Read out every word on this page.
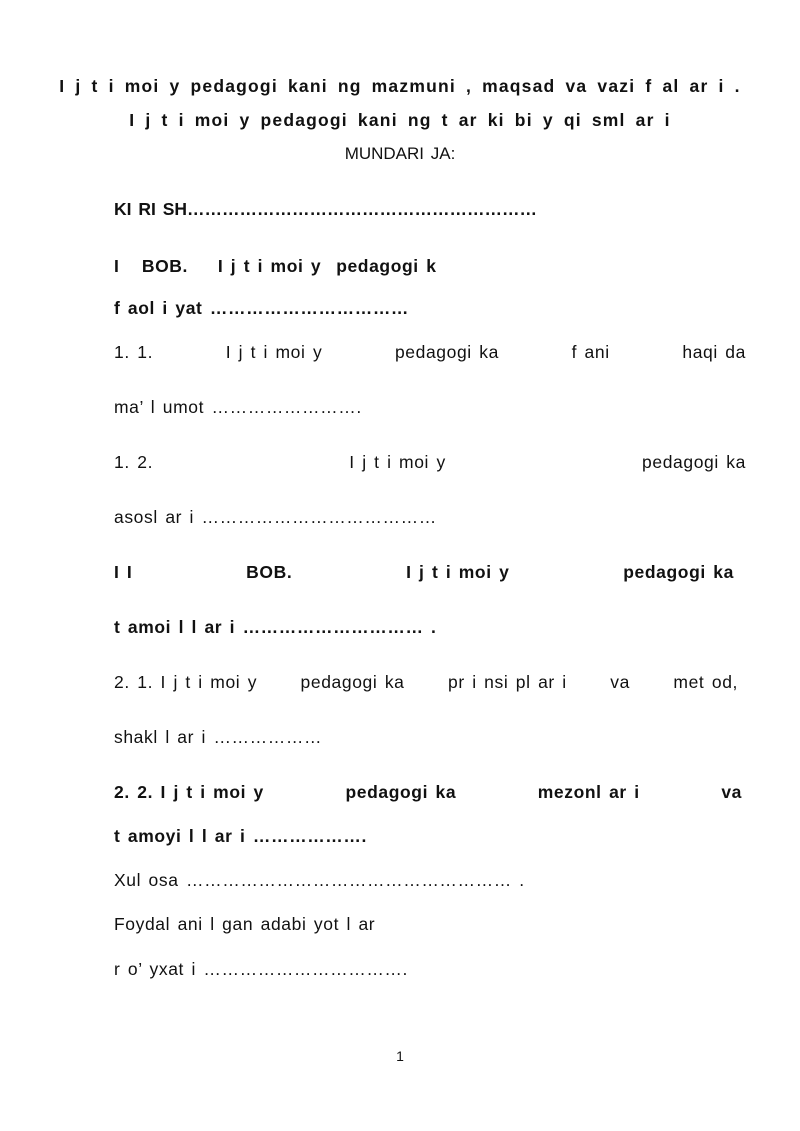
I j t i moi y pedagogi kani ng mazmuni , maqsad va vazi f al ar i .
I j t i moi y pedagogi kani ng t ar ki bi y qi sml ar i
MUNDARI JA:
KI RI SH……………………………………………………
I BOB. I j t i moi y pedagogi k
f aol i yat ……………………………
1. 1.	I j t i moi y	pedagogi ka	f ani	haqi da
ma’ l umot …………………….
1. 2.	I j t i moi y	pedagogi ka
asosl ar i …………………………………
I I	BOB.	I j t i moi y	pedagogi ka
t amoi l l ar i ………………………… .
2. 1. I j t i moi y pedagogi ka pr i nsi pl ar i va met od,
shakl l ar i ………………
2. 2. I j t i moi y	pedagogi ka	mezonl ar i	va
t amoyi l l ar i ……………….
Xul osa ……………………………………………… .
Foydal ani l gan adabi yot l ar
r o’ yxat i …………………………….
1
